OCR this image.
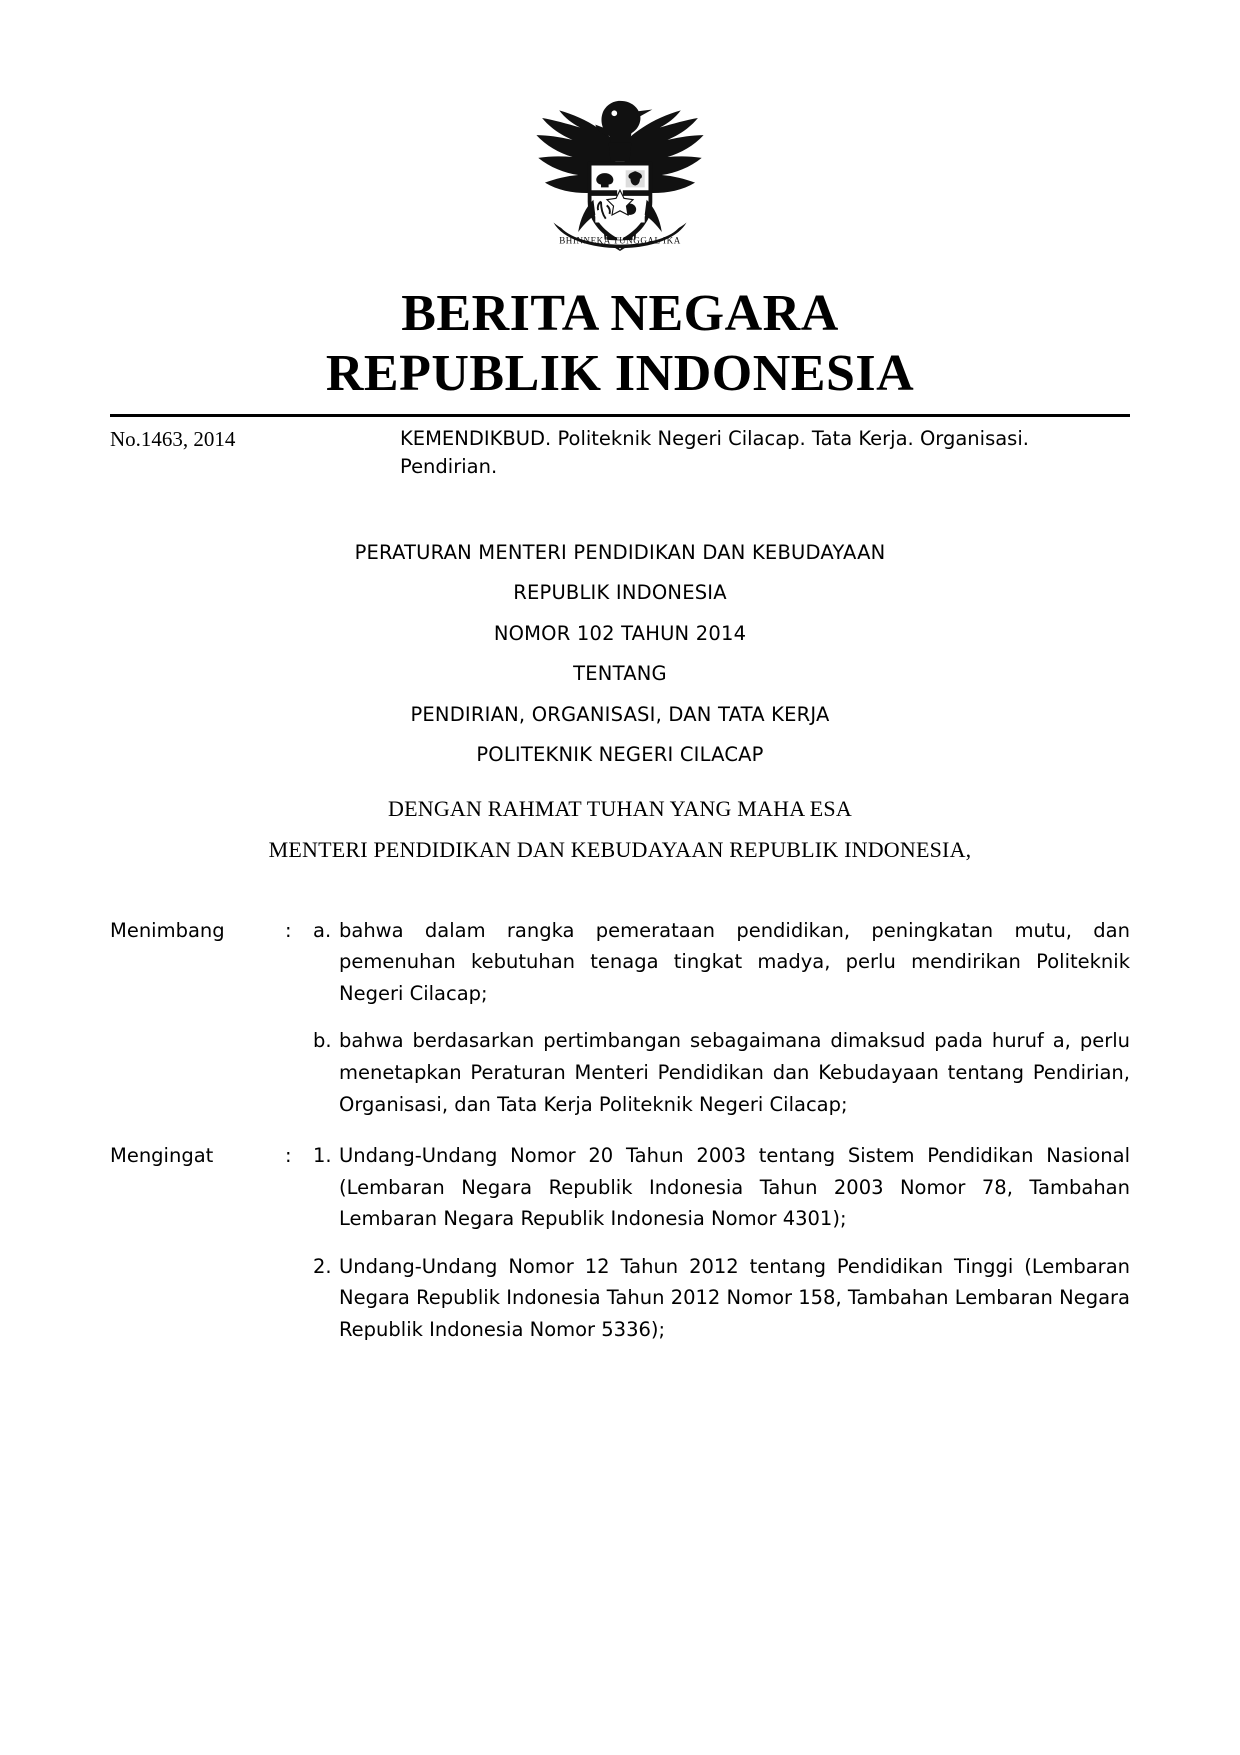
BHINNEKA TUNGGAL IKA
BERITA NEGARA
REPUBLIK INDONESIA
No.1463, 2014	KEMENDIKBUD. Politeknik Negeri Cilacap. Tata Kerja. Organisasi. Pendirian.
PERATURAN MENTERI PENDIDIKAN DAN KEBUDAYAAN
REPUBLIK INDONESIA
NOMOR 102 TAHUN 2014
TENTANG
PENDIRIAN, ORGANISASI, DAN TATA KERJA
POLITEKNIK NEGERI CILACAP
DENGAN RAHMAT TUHAN YANG MAHA ESA
MENTERI PENDIDIKAN DAN KEBUDAYAAN REPUBLIK INDONESIA,
Menimbang	:	a. bahwa dalam rangka pemerataan pendidikan, peningkatan mutu, dan pemenuhan kebutuhan tenaga tingkat madya, perlu mendirikan Politeknik Negeri Cilacap;
b. bahwa berdasarkan pertimbangan sebagaimana dimaksud pada huruf a, perlu menetapkan Peraturan Menteri Pendidikan dan Kebudayaan tentang Pendirian, Organisasi, dan Tata Kerja Politeknik Negeri Cilacap;
Mengingat	:	1. Undang-Undang Nomor 20 Tahun 2003 tentang Sistem Pendidikan Nasional (Lembaran Negara Republik Indonesia Tahun 2003 Nomor 78, Tambahan Lembaran Negara Republik Indonesia Nomor 4301);
2. Undang-Undang Nomor 12 Tahun 2012 tentang Pendidikan Tinggi (Lembaran Negara Republik Indonesia Tahun 2012 Nomor 158, Tambahan Lembaran Negara Republik Indonesia Nomor 5336);
